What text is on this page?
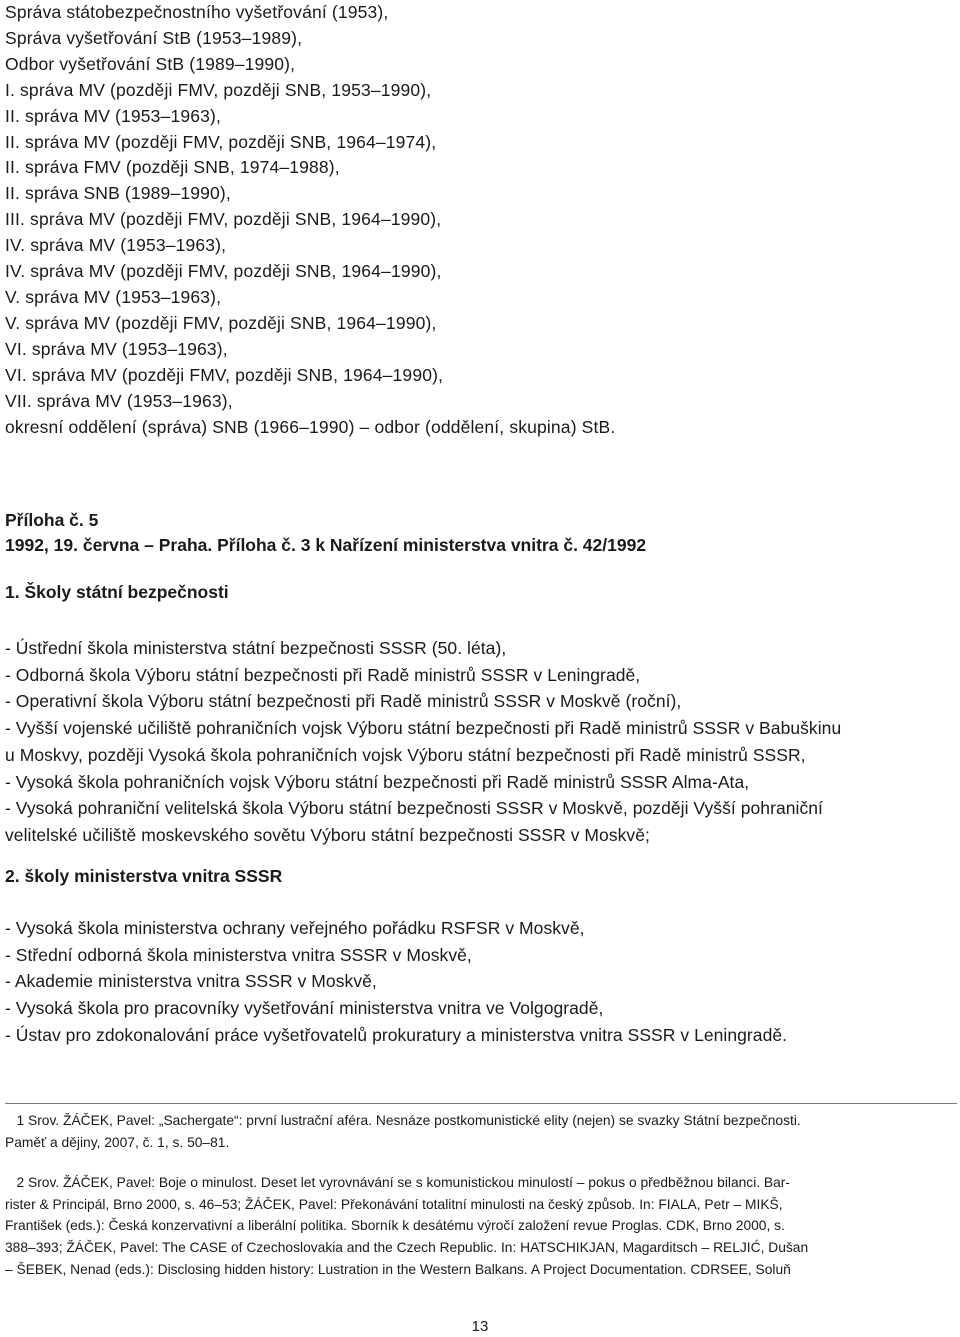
Správa státobezpečnostního vyšetřování (1953),
Správa vyšetřování StB (1953–1989),
Odbor vyšetřování StB (1989–1990),
I. správa MV (později FMV, později SNB, 1953–1990),
II. správa MV (1953–1963),
II. správa MV (později FMV, později SNB, 1964–1974),
II. správa FMV (později SNB, 1974–1988),
II. správa SNB (1989–1990),
III. správa MV (později FMV, později SNB, 1964–1990),
IV. správa MV (1953–1963),
IV. správa MV (později FMV, později SNB, 1964–1990),
V. správa MV (1953–1963),
V. správa MV (později FMV, později SNB, 1964–1990),
VI. správa MV (1953–1963),
VI. správa MV (později FMV, později SNB, 1964–1990),
VII. správa MV (1953–1963),
okresní oddělení (správa) SNB (1966–1990) – odbor (oddělení, skupina) StB.
Příloha č. 5
1992, 19. června – Praha. Příloha č. 3 k Nařízení ministerstva vnitra č. 42/1992
1. Školy státní bezpečnosti
- Ústřední škola ministerstva státní bezpečnosti SSSR (50. léta),
- Odborná škola Výboru státní bezpečnosti při Radě ministrů SSSR v Leningradě,
- Operativní škola Výboru státní bezpečnosti při Radě ministrů SSSR v Moskvě (roční),
- Vyšší vojenské učiliště pohraničních vojsk Výboru státní bezpečnosti při Radě ministrů SSSR v Babuškinu
u Moskvy, později Vysoká škola pohraničních vojsk Výboru státní bezpečnosti při Radě ministrů SSSR,
- Vysoká škola pohraničních vojsk Výboru státní bezpečnosti při Radě ministrů SSSR Alma-Ata,
- Vysoká pohraniční velitelská škola Výboru státní bezpečnosti SSSR v Moskvě, později Vyšší pohraniční
velitelské učiliště moskevského sovětu Výboru státní bezpečnosti SSSR v Moskvě;
2. školy ministerstva vnitra SSSR
- Vysoká škola ministerstva ochrany veřejného pořádku RSFSR v Moskvě,
- Střední odborná škola ministerstva vnitra SSSR v Moskvě,
- Akademie ministerstva vnitra SSSR v Moskvě,
- Vysoká škola pro pracovníky vyšetřování ministerstva vnitra ve Volgogradě,
- Ústav pro zdokonalování práce vyšetřovatelů prokuratury a ministerstva vnitra SSSR v Leningradě.
1 Srov. ŽÁČEK, Pavel: „Sachergate“: první lustrační aféra. Nesnáze postkomunistické elity (nejen) se svazky Státní bezpečnosti.
Paměť a dějiny, 2007, č. 1, s. 50–81.
2 Srov. ŽÁČEK, Pavel: Boje o minulost. Deset let vyrovnávání se s komunistickou minulostí – pokus o předběžnou bilanci. Bar-
rister & Principál, Brno 2000, s. 46–53; ŽÁČEK, Pavel: Překonávání totalitní minulosti na český způsob. In: FIALA, Petr – MIKŠ,
František (eds.): Česká konzervativní a liberální politika. Sborník k desátému výročí založení revue Proglas. CDK, Brno 2000, s.
388–393; ŽÁČEK, Pavel: The CASE of Czechoslovakia and the Czech Republic. In: HATSCHIKJAN, Magarditsch – RELJIĆ, Dušan
– ŠEBEK, Nenad (eds.): Disclosing hidden history: Lustration in the Western Balkans. A Project Documentation. CDRSEE, Soluň
13
